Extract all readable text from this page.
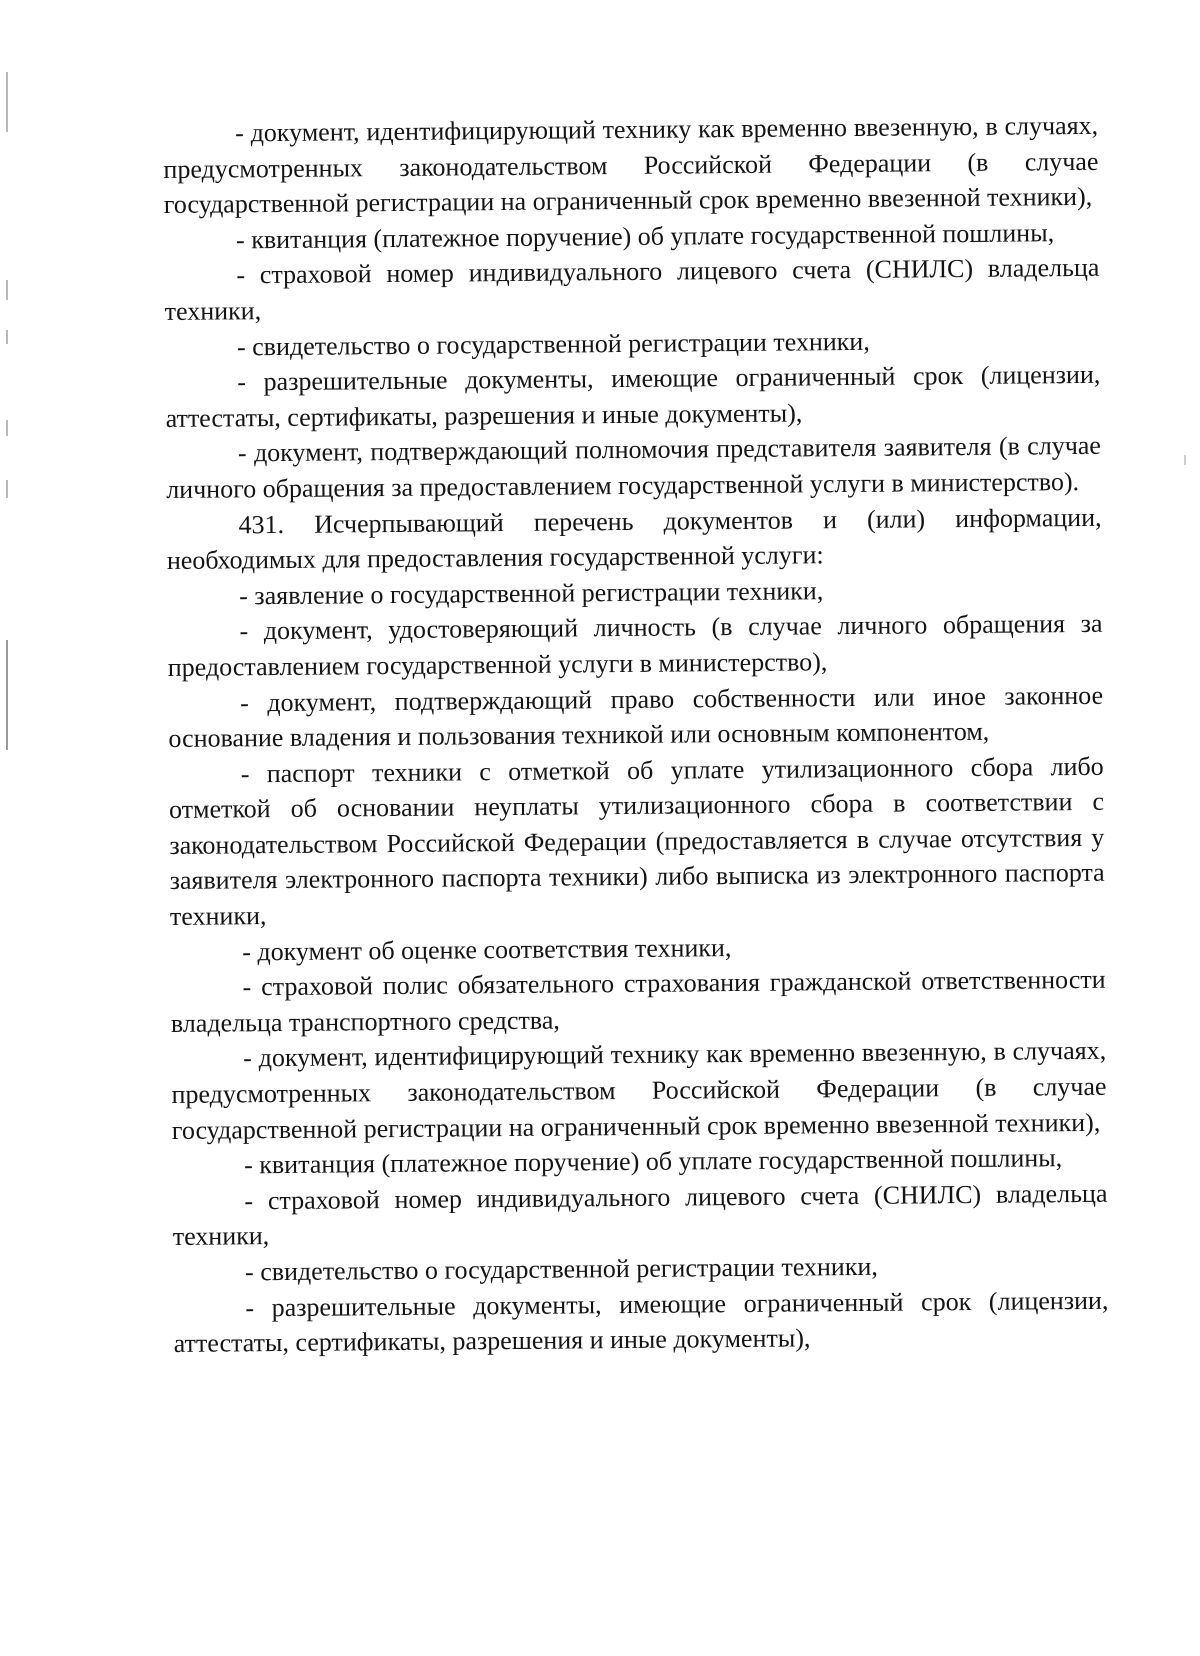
- документ, идентифицирующий технику как временно ввезенную, в случаях, предусмотренных законодательством Российской Федерации (в случае государственной регистрации на ограниченный срок временно ввезенной техники),

- квитанция (платежное поручение) об уплате государственной пошлины,

- страховой номер индивидуального лицевого счета (СНИЛС) владельца техники,

- свидетельство о государственной регистрации техники,

- разрешительные документы, имеющие ограниченный срок (лицензии, аттестаты, сертификаты, разрешения и иные документы),

- документ, подтверждающий полномочия представителя заявителя (в случае личного обращения за предоставлением государственной услуги в министерство).

431. Исчерпывающий перечень документов и (или) информации, необходимых для предоставления государственной услуги:

- заявление о государственной регистрации техники,

- документ, удостоверяющий личность (в случае личного обращения за предоставлением государственной услуги в министерство),

- документ, подтверждающий право собственности или иное законное основание владения и пользования техникой или основным компонентом,

- паспорт техники с отметкой об уплате утилизационного сбора либо отметкой об основании неуплаты утилизационного сбора в соответствии с законодательством Российской Федерации (предоставляется в случае отсутствия у заявителя электронного паспорта техники) либо выписка из электронного паспорта техники,

- документ об оценке соответствия техники,

- страховой полис обязательного страхования гражданской ответственности владельца транспортного средства,

- документ, идентифицирующий технику как временно ввезенную, в случаях, предусмотренных законодательством Российской Федерации (в случае государственной регистрации на ограниченный срок временно ввезенной техники),

- квитанция (платежное поручение) об уплате государственной пошлины,

- страховой номер индивидуального лицевого счета (СНИЛС) владельца техники,

- свидетельство о государственной регистрации техники,

- разрешительные документы, имеющие ограниченный срок (лицензии, аттестаты, сертификаты, разрешения и иные документы),
